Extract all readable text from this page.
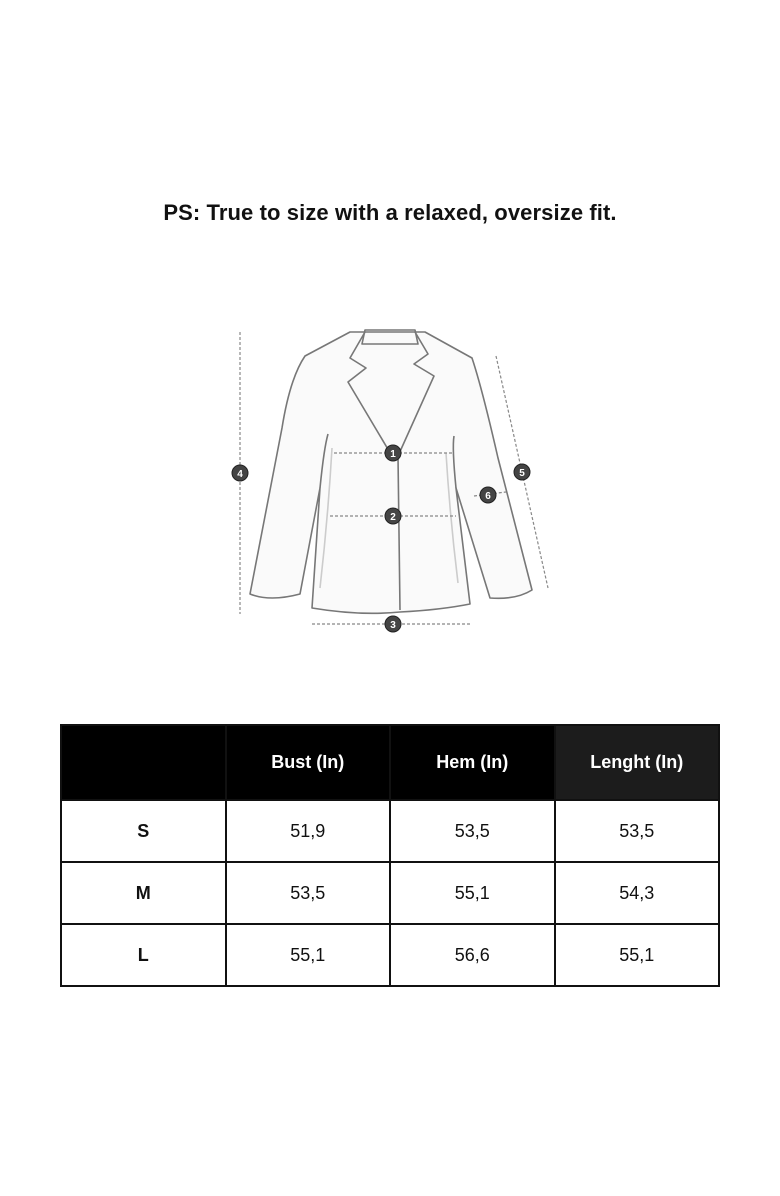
PS: True to size with a relaxed, oversize fit.
1
2
3
4	5
6
	Bust (In)	Hem (In)	Lenght (In)
S	51,9	53,5	53,5
M	53,5	55,1	54,3
L	55,1	56,6	55,1
